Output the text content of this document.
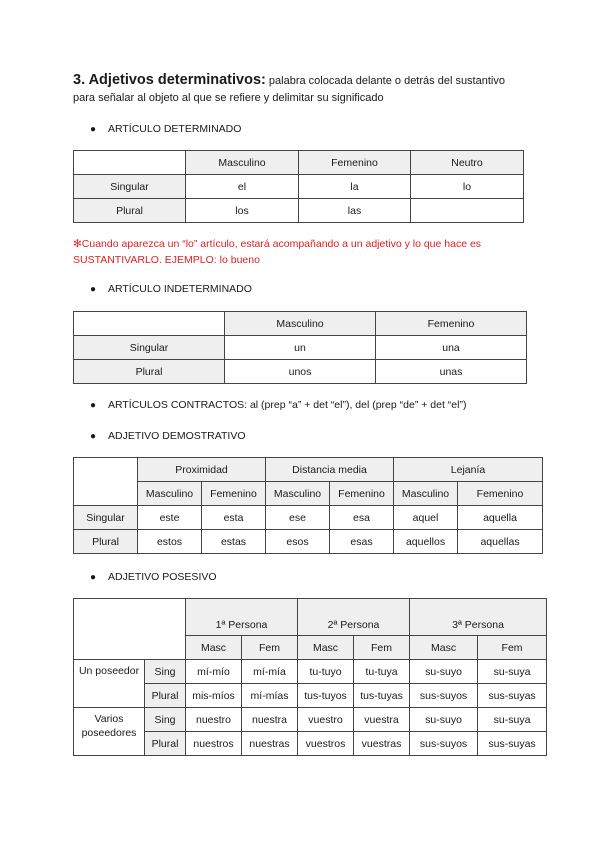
3. Adjetivos determinativos: palabra colocada delante o detrás del sustantivo
para señalar al objeto al que se refiere y delimitar su significado
● ARTÍCULO DETERMINADO
	Masculino	Femenino	Neutro
Singular	el	la	lo
Plural	los	las	
✻Cuando aparezca un “lo” artículo, estará acompañando a un adjetivo y lo que hace es SUSTANTIVARLO. EJEMPLO: lo bueno
● ARTÍCULO INDETERMINADO
	Masculino	Femenino
Singular	un	una
Plural	unos	unas
● ARTÍCULOS CONTRACTOS: al (prep “a” + det “el”), del (prep “de” + det “el”)
● ADJETIVO DEMOSTRATIVO
	Proximidad		Distancia media		Lejanía	
	Masculino	Femenino	Masculino	Femenino	Masculino	Femenino
Singular	este	esta	ese	esa	aquel	aquella
Plural	estos	estas	esos	esas	aquellos	aquellas
● ADJETIVO POSESIVO
		1ª Persona		2ª Persona		3ª Persona	
		Masc	Fem	Masc	Fem	Masc	Fem
Un poseedor	Sing	mí-mío	mí-mía	tu-tuyo	tu-tuya	su-suyo	su-suya
	Plural	mis-míos	mí-mías	tus-tuyos	tus-tuyas	sus-suyos	sus-suyas
Varios poseedores	Sing	nuestro	nuestra	vuestro	vuestra	su-suyo	su-suya
	Plural	nuestros	nuestras	vuestros	vuestras	sus-suyos	sus-suyas
